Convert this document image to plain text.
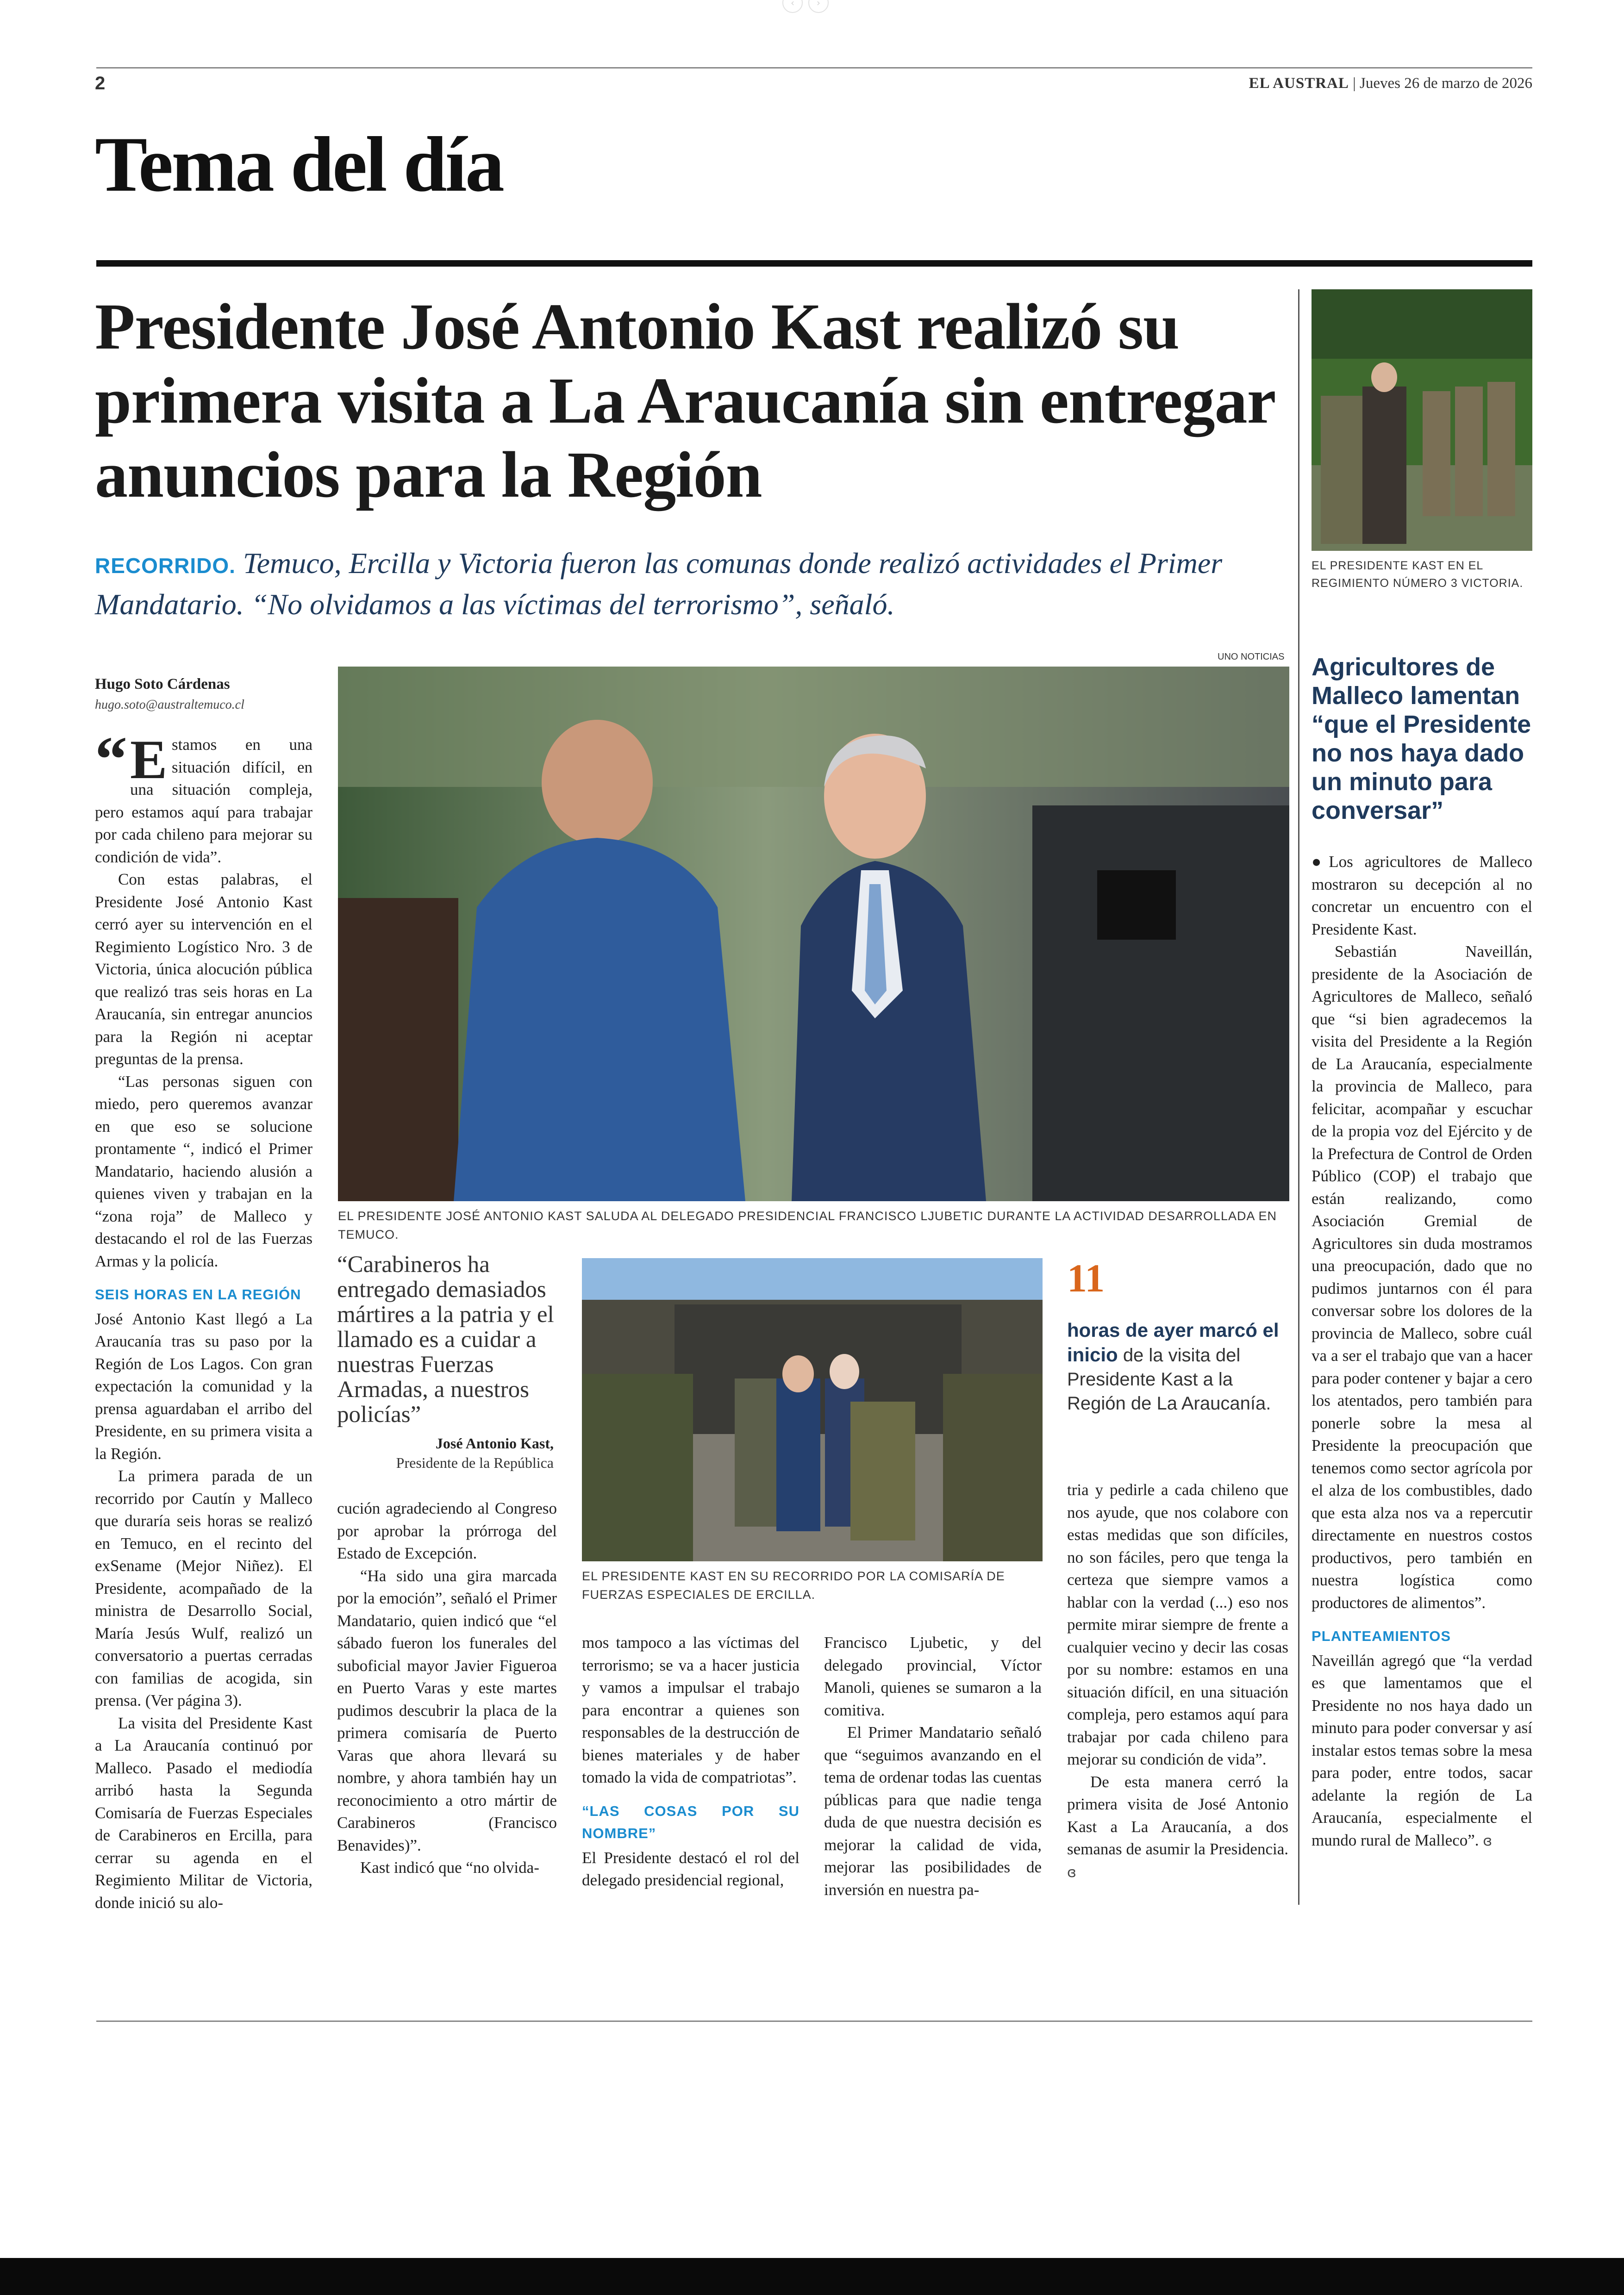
‹ ›
2	EL AUSTRAL | Jueves 26 de marzo de 2026
Tema del día
Presidente José Antonio Kast realizó su primera visita a La Araucanía sin entregar anuncios para la Región
RECORRIDO. Temuco, Ercilla y Victoria fueron las comunas donde realizó actividades el Primer Mandatario. “No olvidamos a las víctimas del terrorismo”, señaló.
Hugo Soto Cárdenas
hugo.soto@australtemuco.cl
UNO NOTICIAS
EL PRESIDENTE JOSÉ ANTONIO KAST SALUDA AL DELEGADO PRESIDENCIAL FRANCISCO LJUBETIC DURANTE LA ACTIVIDAD DESARROLLADA EN TEMUCO.

“ E stamos en una situación difícil, en una situación compleja, pero estamos aquí para trabajar por cada chileno para mejorar su condición de vida”.

Con estas palabras, el Presidente José Antonio Kast cerró ayer su intervención en el Regimiento Logístico Nro. 3 de Victoria, única alocución pública que realizó tras seis horas en La Araucanía, sin entregar anuncios para la Región ni aceptar preguntas de la prensa.

“Las personas siguen con miedo, pero queremos avanzar en que eso se solucione prontamente “, indicó el Primer Mandatario, haciendo alusión a quienes viven y trabajan en la “zona roja” de Malleco y destacando el rol de las Fuerzas Armas y la policía.

SEIS HORAS EN LA REGIÓN

José Antonio Kast llegó a La Araucanía tras su paso por la Región de Los Lagos. Con gran expectación la comunidad y la prensa aguardaban el arribo del Presidente, en su primera visita a la Región.

La primera parada de un recorrido por Cautín y Malleco que duraría seis horas se realizó en Temuco, en el recinto del exSename (Mejor Niñez). El Presidente, acompañado de la ministra de Desarrollo Social, María Jesús Wulf, realizó un conversatorio a puertas cerradas con familias de acogida, sin prensa. (Ver página 3).

La visita del Presidente Kast a La Araucanía continuó por Malleco. Pasado el mediodía arribó hasta la Segunda Comisaría de Fuerzas Especiales de Carabineros en Ercilla, para cerrar su agenda en el Regimiento Militar de Victoria, donde inició su alo-

“Carabineros ha entregado demasiados mártires a la patria y el llamado es a cuidar a nuestras Fuerzas Armadas, a nuestros policías”
José Antonio Kast,
Presidente de la República

cución agradeciendo al Congreso por aprobar la prórroga del Estado de Excepción.

“Ha sido una gira marcada por la emoción”, señaló el Primer Mandatario, quien indicó que “el sábado fueron los funerales del suboficial mayor Javier Figueroa en Puerto Varas y este martes pudimos descubrir la placa de la primera comisaría de Puerto Varas que ahora llevará su nombre, y ahora también hay un reconocimiento a otro mártir de Carabineros (Francisco Benavides)”.

Kast indicó que “no olvida-

EL PRESIDENTE KAST EN SU RECORRIDO POR LA COMISARÍA DE FUERZAS ESPECIALES DE ERCILLA.

mos tampoco a las víctimas del terrorismo; se va a hacer justicia y vamos a impulsar el trabajo para encontrar a quienes son responsables de la destrucción de bienes materiales y de haber tomado la vida de compatriotas”.

“LAS COSAS POR SU NOMBRE”

El Presidente destacó el rol del delegado presidencial regional,

Francisco Ljubetic, y del delegado provincial, Víctor Manoli, quienes se sumaron a la comitiva.

El Primer Mandatario señaló que “seguimos avanzando en el tema de ordenar todas las cuentas públicas para que nadie tenga duda de que nuestra decisión es mejorar la calidad de vida, mejorar las posibilidades de inversión en nuestra pa-

11
horas de ayer marcó el inicio de la visita del Presidente Kast a la Región de La Araucanía.

tria y pedirle a cada chileno que nos ayude, que nos colabore con estas medidas que son difíciles, no son fáciles, pero que tenga la certeza que siempre vamos a hablar con la verdad (...) eso nos permite mirar siempre de frente a cualquier vecino y decir las cosas por su nombre: estamos en una situación difícil, en una situación compleja, pero estamos aquí para trabajar por cada chileno para mejorar su condición de vida”.

De esta manera cerró la primera visita de José Antonio Kast a La Araucanía, a dos semanas de asumir la Presidencia. ɞ

EL PRESIDENTE KAST EN EL REGIMIENTO NÚMERO 3 VICTORIA.
Agricultores de Malleco lamentan “que el Presidente no nos haya dado un minuto para conversar”

●Los agricultores de Malleco mostraron su decepción al no concretar un encuentro con el Presidente Kast.

Sebastián Naveillán, presidente de la Asociación de Agricultores de Malleco, señaló que “si bien agradecemos la visita del Presidente a la Región de La Araucanía, especialmente la provincia de Malleco, para felicitar, acompañar y escuchar de la propia voz del Ejército y de la Prefectura de Control de Orden Público (COP) el trabajo que están realizando, como Asociación Gremial de Agricultores sin duda mostramos una preocupación, dado que no pudimos juntarnos con él para conversar sobre los dolores de la provincia de Malleco, sobre cuál va a ser el trabajo que van a hacer para poder contener y bajar a cero los atentados, pero también para ponerle sobre la mesa al Presidente la preocupación que tenemos como sector agrícola por el alza de los combustibles, dado que esta alza nos va a repercutir directamente en nuestros costos productivos, pero también en nuestra logística como productores de alimentos”.

PLANTEAMIENTOS

Naveillán agregó que “la verdad es que lamentamos que el Presidente no nos haya dado un minuto para poder conversar y así instalar estos temas sobre la mesa para poder, entre todos, sacar adelante la región de La Araucanía, especialmente el mundo rural de Malleco”. ɞ
